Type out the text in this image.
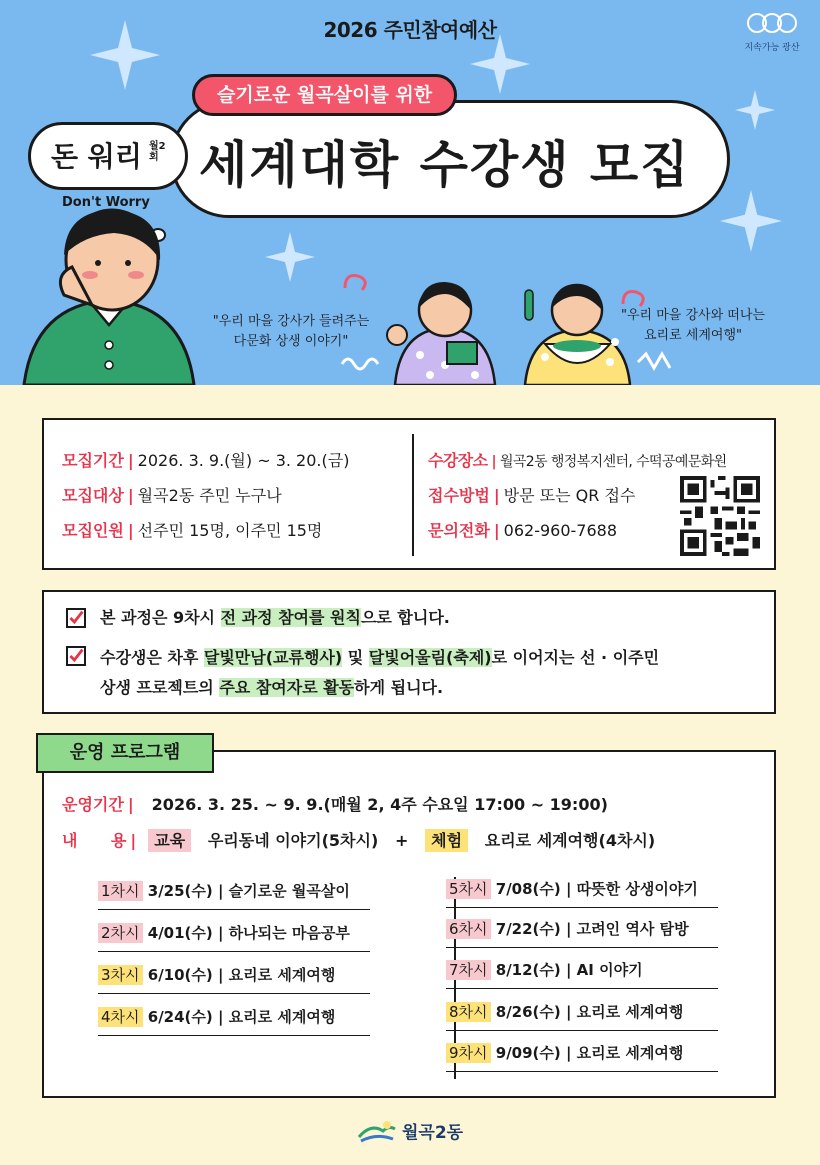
2026 주민참여예산
지속가능 광산
슬기로운 월곡살이를 위한
세계대학 수강생 모집
돈 워리 월2
회
Don't Worry
"우리 마을 강사가 들려주는
다문화 상생 이야기"
"우리 마을 강사와 떠나는
요리로 세계여행"
모집기간 | 2026. 3. 9.(월) ~ 3. 20.(금)
모집대상 | 월곡2동 주민 누구나
모집인원 | 선주민 15명, 이주민 15명
수강장소 | 월곡2동 행정복지센터, 수떡공예문화원
접수방법 | 방문 또는 QR 접수
문의전화 | 062-960-7688
본 과정은 9차시 전 과정 참여를 원칙으로 합니다.
수강생은 차후 달빛만남(교류행사) 및 달빛어울림(축제)로 이어지는 선 · 이주민
상생 프로젝트의 주요 참여자로 활동하게 됩니다.
운영 프로그램
운영기간 | 2026. 3. 25. ~ 9. 9.(매월 2, 4주 수요일 17:00 ~ 19:00)
내      용 | 교육 우리동네 이야기(5차시) + 체험 요리로 세계여행(4차시)
1차시 3/25(수) | 슬기로운 월곡살이
2차시 4/01(수) | 하나되는 마음공부
3차시 6/10(수) | 요리로 세계여행
4차시 6/24(수) | 요리로 세계여행
5차시 7/08(수) | 따뜻한 상생이야기
6차시 7/22(수) | 고려인 역사 탐방
7차시 8/12(수) | AI 이야기
8차시 8/26(수) | 요리로 세계여행
9차시 9/09(수) | 요리로 세계여행
월곡2동
